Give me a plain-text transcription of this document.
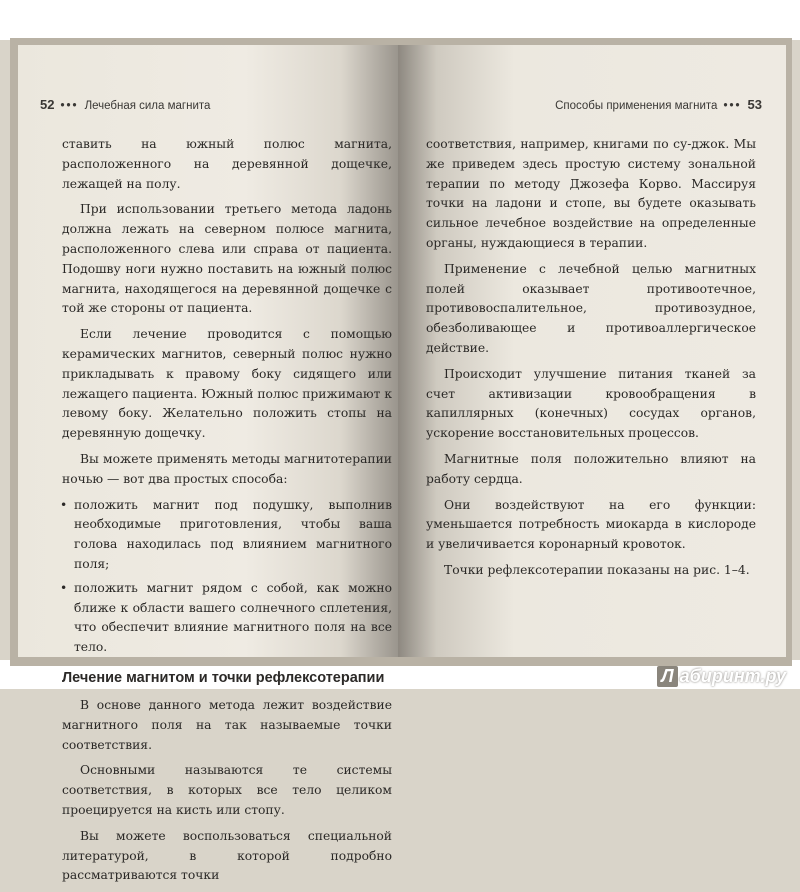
52 ••• Лечебная сила магнита

ставить на южный полюс магнита, расположенного на деревянной дощечке, лежащей на полу.

При использовании третьего метода ладонь должна лежать на северном полюсе магнита, расположенного слева или справа от пациента. Подошву ноги нужно поставить на южный полюс магнита, находящегося на деревянной дощечке с той же стороны от пациента.

Если лечение проводится с помощью керамических магнитов, северный полюс нужно прикладывать к правому боку сидящего или лежащего пациента. Южный полюс прижимают к левому боку. Желательно положить стопы на деревянную дощечку.

Вы можете применять методы магнитотерапии ночью — вот два простых способа:

• положить магнит под подушку, выполнив необходимые приготовления, чтобы ваша голова находилась под влиянием магнитного поля;
• положить магнит рядом с собой, как можно ближе к области вашего солнечного сплетения, что обеспечит влияние магнитного поля на все тело.
Лечение магнитом и точки рефлексотерапии

В основе данного метода лежит воздействие магнитного поля на так называемые точки соответствия.

Основными называются те системы соответствия, в которых все тело целиком проецируется на кисть или стопу.

Вы можете воспользоваться специальной литературой, в которой подробно рассматриваются точки

Способы применения магнита ••• 53

соответствия, например, книгами по су-джок. Мы же приведем здесь простую систему зональной терапии по методу Джозефа Корво. Массируя точки на ладони и стопе, вы будете оказывать сильное лечебное воздействие на определенные органы, нуждающиеся в терапии.

Применение с лечебной целью магнитных полей оказывает противоотечное, противовоспалительное, противозудное, обезболивающее и противоаллергическое действие.

Происходит улучшение питания тканей за счет активизации кровообращения в капиллярных (конечных) сосудах органов, ускорение восстановительных процессов.

Магнитные поля положительно влияют на работу сердца.

Они воздействуют на его функции: уменьшается потребность миокарда в кислороде и увеличивается коронарный кровоток.

Точки рефлексотерапии показаны на рис. 1–4.

Л абиринт.ру
